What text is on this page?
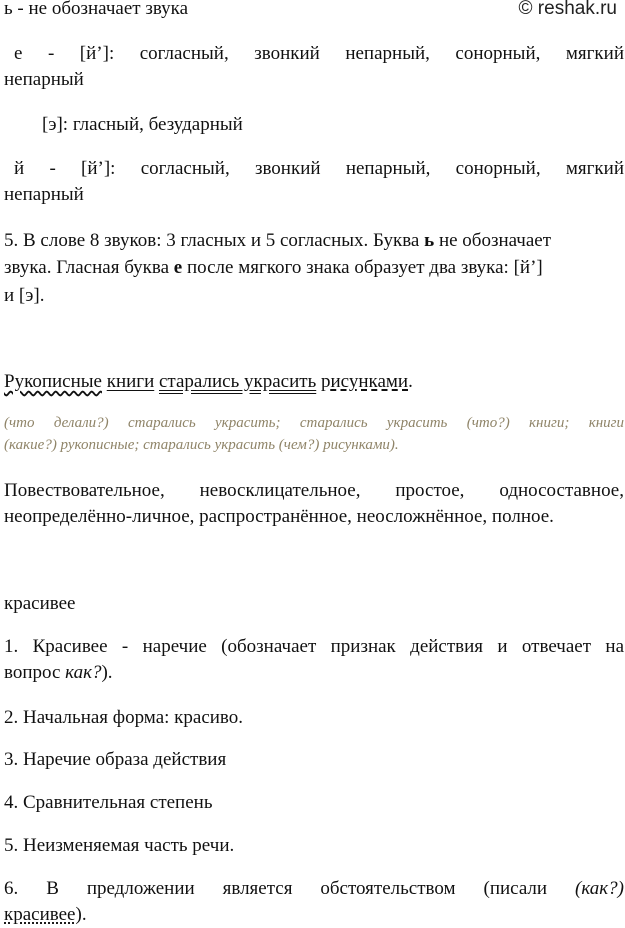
ь - не обозначает звука	© reshak.ru
е - [й’]: согласный, звонкий непарный, сонорный, мягкий
непарный
[э]: гласный, безударный
й - [й’]: согласный, звонкий непарный, сонорный, мягкий
непарный
5. В слове 8 звуков: 3 гласных и 5 согласных. Буква ь не обозначает
звука. Гласная буква е после мягкого знака образует два звука: [й’]
и [э].
Рукописные книги старались украсить рисунками.
(что делали?) старались украсить; старались украсить (что?) книги; книги
(какие?) рукописные; старались украсить (чем?) рисунками).
Повествовательное, невосклицательное, простое, односоставное,
неопределённо-личное, распространённое, неосложнённое, полное.
красивее
1. Красивее - наречие (обозначает признак действия и отвечает на
вопрос как?).
2. Начальная форма: красиво.
3. Наречие образа действия
4. Сравнительная степень
5. Неизменяемая часть речи.
6. В предложении является обстоятельством (писали (как?)
красивее).
